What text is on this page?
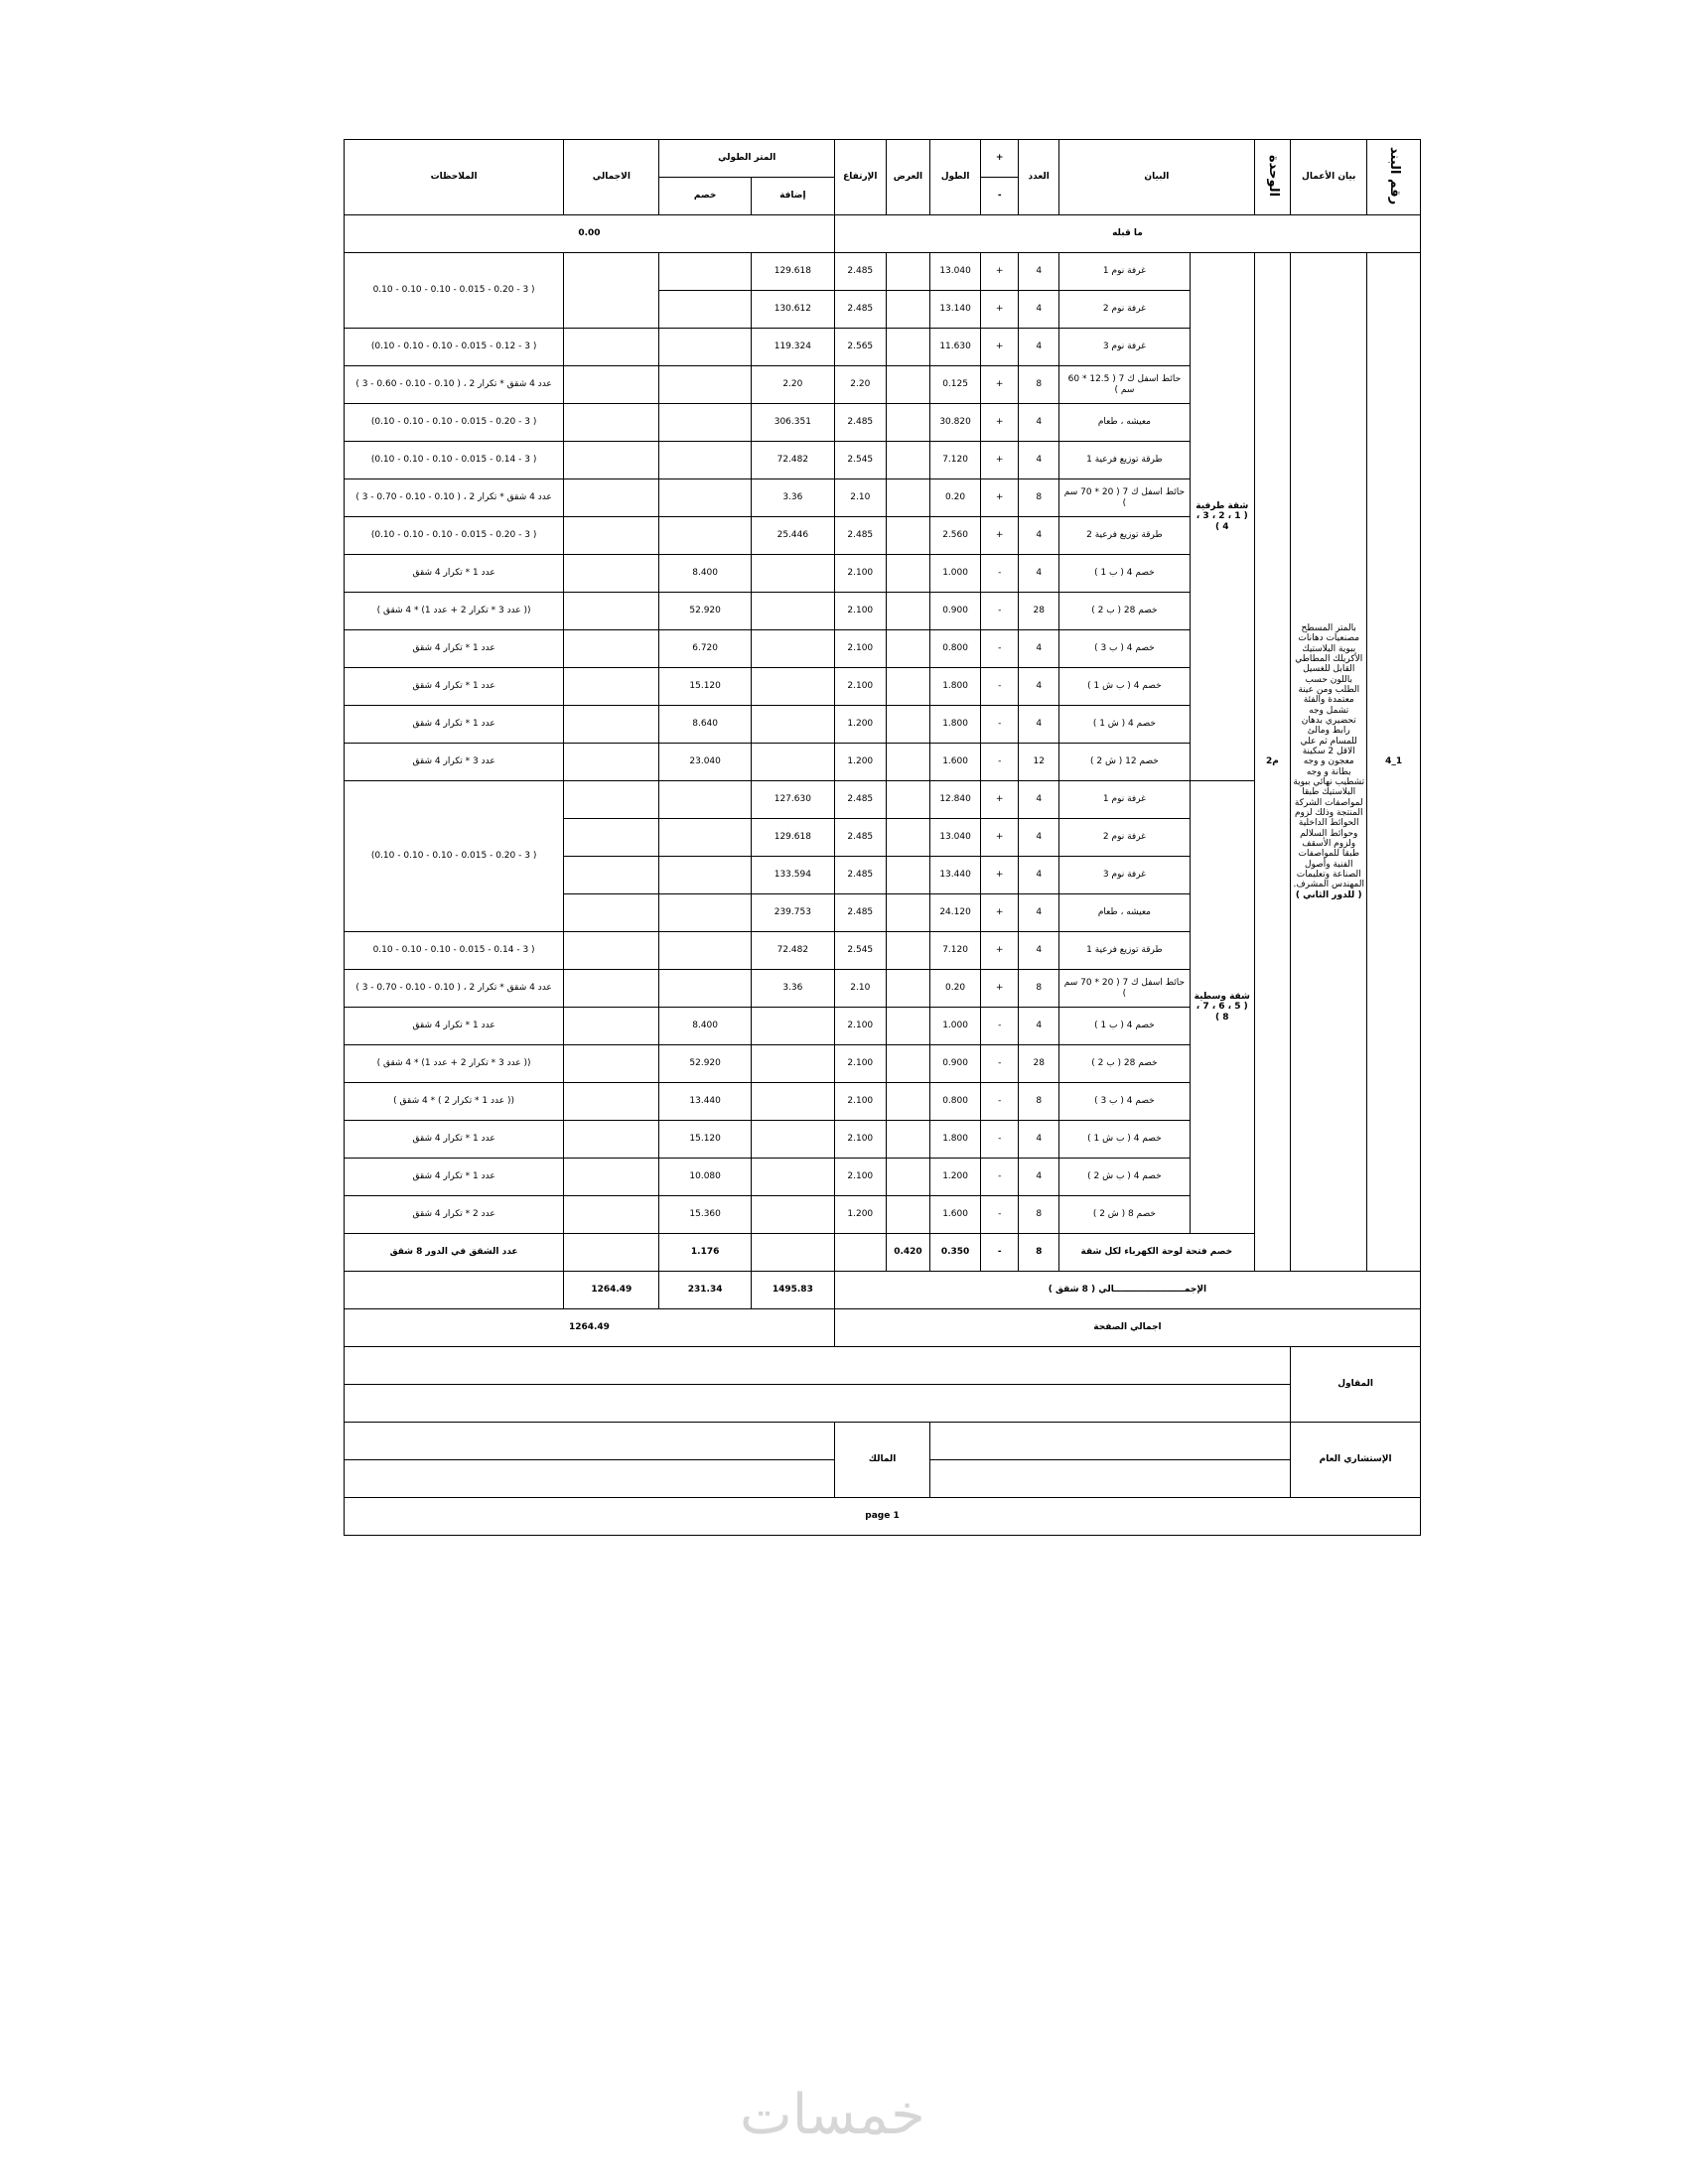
رقم البند	بيان الأعمال	الوحدة	البيان		العدد	+	الطول	العرض	الإرتفاع	المتر الطولي		الاجمالي	الملاحظات
						-				إضافة	خصم		
ما قبله										0.00			
1_4	بالمتر المسطح مصنعيات دهانات ببوية البلاستيك الأكريلك المطاطي القابل للغسيل باللون حسب الطلب ومن عينة معتمدة والفئة تشمل وجه تحضيري بدهان رابط ومالئ للمسام ثم علي الاقل 2 سكينة معجون و وجه بطانة و وجه تشطيب نهائي ببوية البلاستيك طبقا لمواصفات الشركة المنتجة وذلك لزوم الحوائط الداخلية وحوائط السلالم ولزوم الأسقف طبقا للمواصفات الفنية وأصول الصناعة وتعليمات المهندس المشرف. ( للدور الثاني )	م2	شقة طرفية ( 1 ، 2 ، 3 ، 4 )	غرفة نوم 1	4	+	13.040		2.485	129.618			( 3 - 0.20 - 0.015 - 0.10 - 0.10 - 0.10
				غرفة نوم 2	4	+	13.140		2.485	130.612			
				غرفة نوم 3	4	+	11.630		2.565	119.324			( 3 - 0.12 - 0.015 - 0.10 - 0.10 - 0.10)
				حائط اسفل ك 7 ( 12.5 * 60 سم )	8	+	0.125		2.20	2.20			عدد 4 شقق * تكرار 2 ، ( 0.10 - 0.10 - 0.60 - 3 )
				معيشه ، طعام	4	+	30.820		2.485	306.351			( 3 - 0.20 - 0.015 - 0.10 - 0.10 - 0.10)
				طرقة توزيع فرعية 1	4	+	7.120		2.545	72.482			( 3 - 0.14 - 0.015 - 0.10 - 0.10 - 0.10)
				حائط اسفل ك 7 ( 20 * 70 سم )	8	+	0.20		2.10	3.36			عدد 4 شقق * تكرار 2 ، ( 0.10 - 0.10 - 0.70 - 3 )
				طرقة توزيع فرعية 2	4	+	2.560		2.485	25.446			( 3 - 0.20 - 0.015 - 0.10 - 0.10 - 0.10)
				خصم 4 ( ب 1 )	4	-	1.000		2.100		8.400		عدد 1 * تكرار 4 شقق
				خصم 28 ( ب 2 )	28	-	0.900		2.100		52.920		(( عدد 3 * تكرار 2 + عدد 1) * 4 شقق )
				خصم 4 ( ب 3 )	4	-	0.800		2.100		6.720		عدد 1 * تكرار 4 شقق
				خصم 4 ( ب ش 1 )	4	-	1.800		2.100		15.120		عدد 1 * تكرار 4 شقق
				خصم 4 ( ش 1 )	4	-	1.800		1.200		8.640		عدد 1 * تكرار 4 شقق
				خصم 12 ( ش 2 )	12	-	1.600		1.200		23.040		عدد 3 * تكرار 4 شقق
			شقة وسطية ( 5 ، 6 ، 7 ، 8 )	غرفة نوم 1	4	+	12.840		2.485	127.630			( 3 - 0.20 - 0.015 - 0.10 - 0.10 - 0.10)
				غرفة نوم 2	4	+	13.040		2.485	129.618			
				غرفة نوم 3	4	+	13.440		2.485	133.594			
				معيشه ، طعام	4	+	24.120		2.485	239.753			
				طرقة توزيع فرعية 1	4	+	7.120		2.545	72.482			( 3 - 0.14 - 0.015 - 0.10 - 0.10 - 0.10
				حائط اسفل ك 7 ( 20 * 70 سم )	8	+	0.20		2.10	3.36			عدد 4 شقق * تكرار 2 ، ( 0.10 - 0.10 - 0.70 - 3 )
				خصم 4 ( ب 1 )	4	-	1.000		2.100		8.400		عدد 1 * تكرار 4 شقق
				خصم 28 ( ب 2 )	28	-	0.900		2.100		52.920		(( عدد 3 * تكرار 2 + عدد 1) * 4 شقق )
				خصم 4 ( ب 3 )	8	-	0.800		2.100		13.440		(( عدد 1 * تكرار 2 ) * 4 شقق )
				خصم 4 ( ب ش 1 )	4	-	1.800		2.100		15.120		عدد 1 * تكرار 4 شقق
				خصم 4 ( ب ش 2 )	4	-	1.200		2.100		10.080		عدد 1 * تكرار 4 شقق
				خصم 8 ( ش 2 )	8	-	1.600		1.200		15.360		عدد 2 * تكرار 4 شقق
			خصم فتحة لوحة الكهرباء لكل شقة		8	-	0.350	0.420			1.176		عدد الشقق في الدور 8 شقق
الإجمـــــــــــــــــــــــالي ( 8 شقق )										1495.83	231.34	1264.49	
اجمالي الصفحة										1264.49			
المقاول													

الإستشاري العام								المالك					

page 1													
خمسات
